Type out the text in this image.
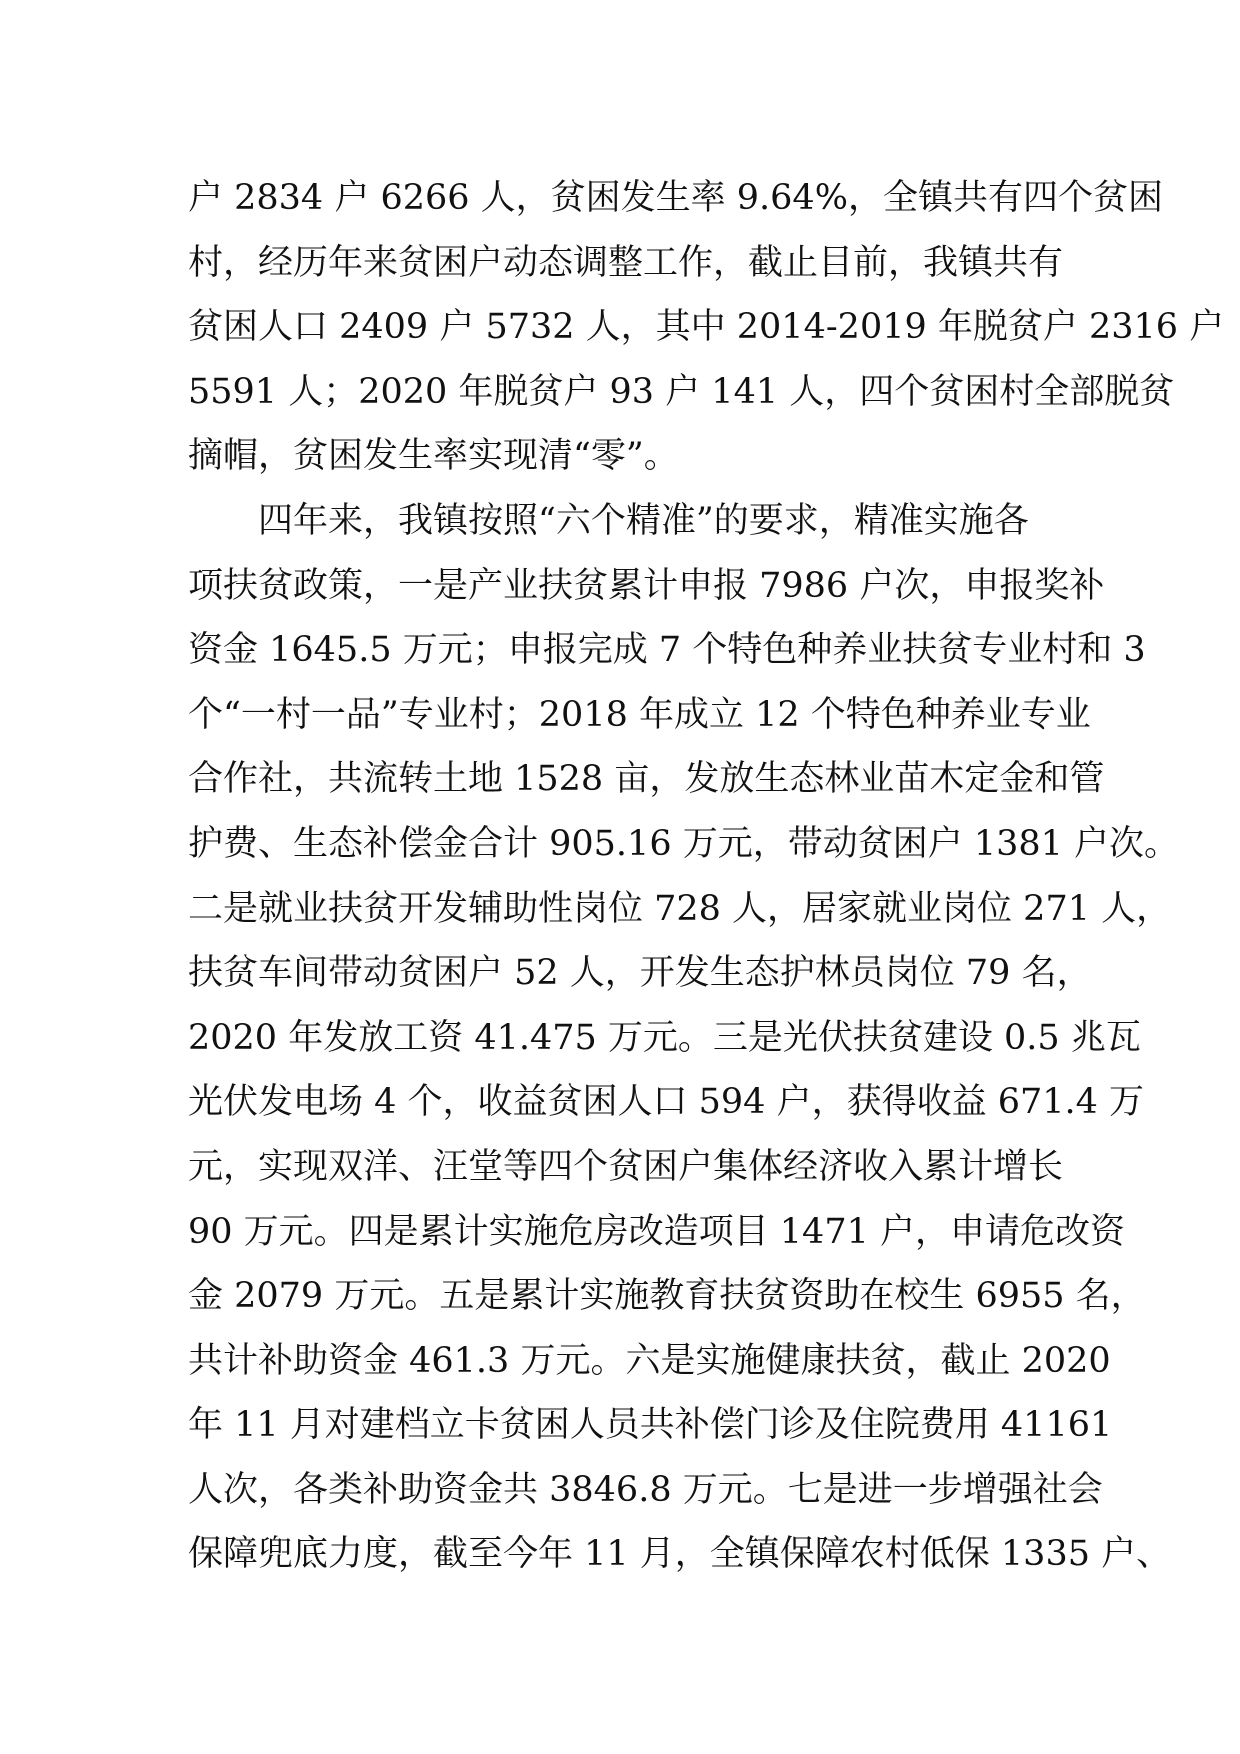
户 2834 户 6266 人，贫困发生率 9.64%，全镇共有四个贫困
村，经历年来贫困户动态调整工作，截止目前，我镇共有
贫困人口 2409 户 5732 人，其中 2014-2019 年脱贫户 2316 户
5591 人；2020 年脱贫户 93 户 141 人，四个贫困村全部脱贫
摘帽，贫困发生率实现清“零”。
四年来，我镇按照“六个精准”的要求，精准实施各
项扶贫政策，一是产业扶贫累计申报 7986 户次，申报奖补
资金 1645.5 万元；申报完成 7 个特色种养业扶贫专业村和 3
个“一村一品”专业村；2018 年成立 12 个特色种养业专业
合作社，共流转土地 1528 亩，发放生态林业苗木定金和管
护费、生态补偿金合计 905.16 万元，带动贫困户 1381 户次。
二是就业扶贫开发辅助性岗位 728 人，居家就业岗位 271 人，
扶贫车间带动贫困户 52 人，开发生态护林员岗位 79 名，
2020 年发放工资 41.475 万元。三是光伏扶贫建设 0.5 兆瓦
光伏发电场 4 个，收益贫困人口 594 户，获得收益 671.4 万
元，实现双洋、汪堂等四个贫困户集体经济收入累计增长
90 万元。四是累计实施危房改造项目 1471 户，申请危改资
金 2079 万元。五是累计实施教育扶贫资助在校生 6955 名，
共计补助资金 461.3 万元。六是实施健康扶贫，截止 2020
年 11 月对建档立卡贫困人员共补偿门诊及住院费用 41161
人次，各类补助资金共 3846.8 万元。七是进一步增强社会
保障兜底力度，截至今年 11 月，全镇保障农村低保 1335 户、
